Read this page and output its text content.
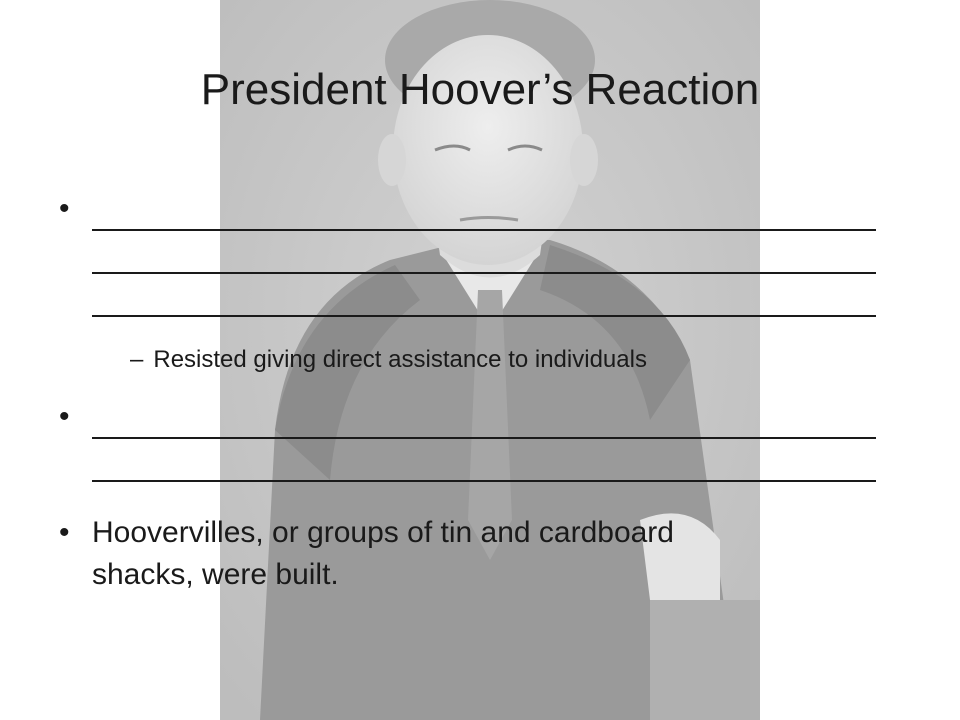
President Hoover’s Reaction
•
– Resisted giving direct assistance to individuals
•
• Hoovervilles, or groups of tin and cardboard
shacks, were built.
